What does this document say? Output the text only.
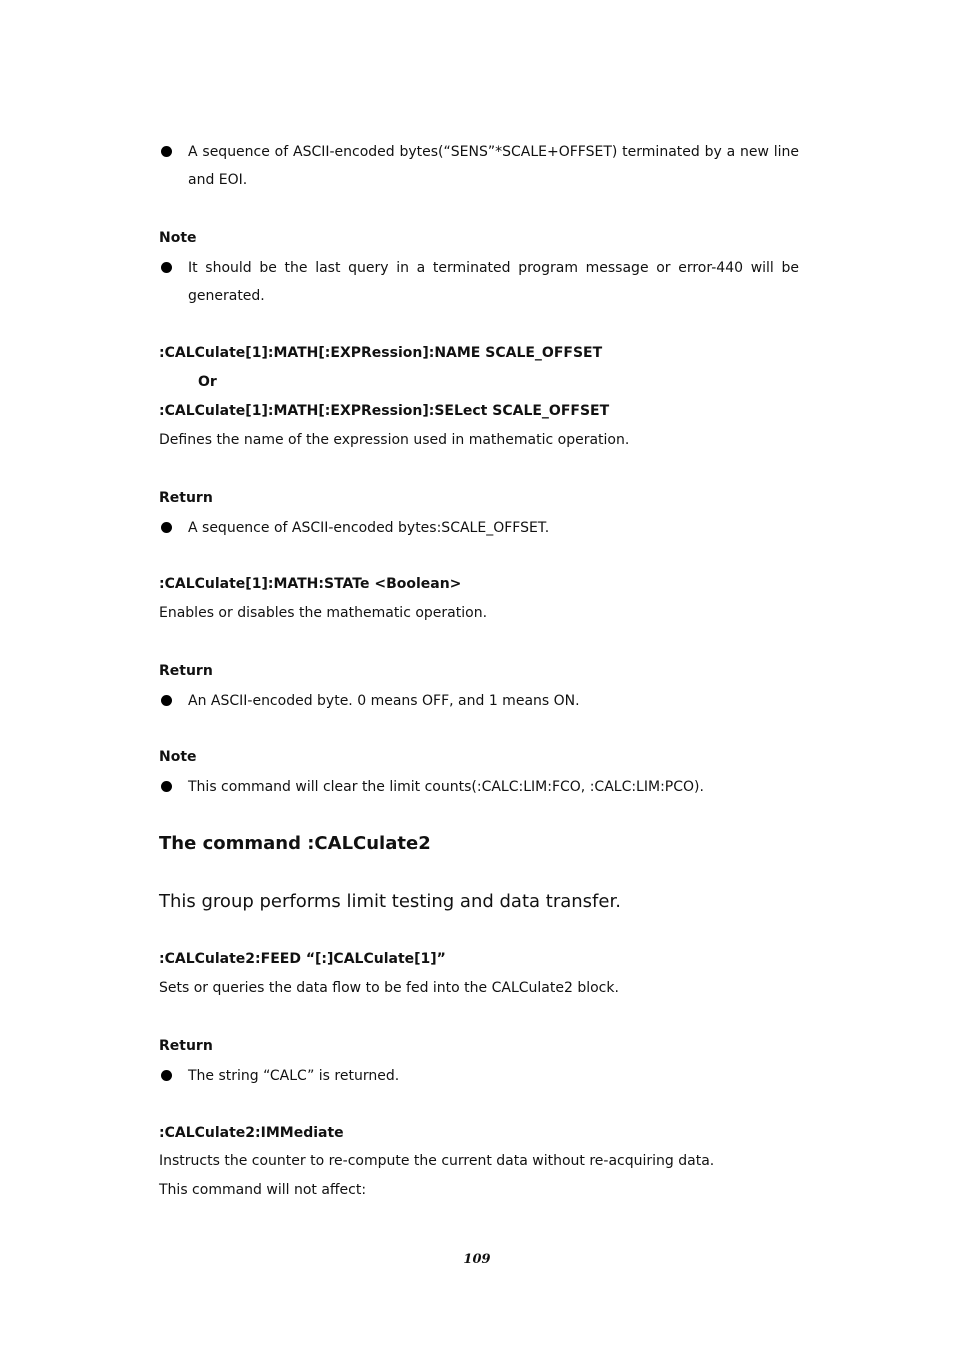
A sequence of ASCII-encoded bytes(“SENS”*SCALE+OFFSET) terminated by a new line and EOI.
Note
It should be the last query in a terminated program message or error-440 will be generated.
:CALCulate[1]:MATH[:EXPRession]:NAME SCALE_OFFSET
Or
:CALCulate[1]:MATH[:EXPRession]:SELect SCALE_OFFSET
Defines the name of the expression used in mathematic operation.
Return
A sequence of ASCII-encoded bytes:SCALE_OFFSET.
:CALCulate[1]:MATH:STATe <Boolean>
Enables or disables the mathematic operation.
Return
An ASCII-encoded byte. 0 means OFF, and 1 means ON.
Note
This command will clear the limit counts(:CALC:LIM:FCO, :CALC:LIM:PCO).
The command :CALCulate2
This group performs limit testing and data transfer.
:CALCulate2:FEED “[:]CALCulate[1]”
Sets or queries the data flow to be fed into the CALCulate2 block.
Return
The string “CALC” is returned.
:CALCulate2:IMMediate
Instructs the counter to re-compute the current data without re-acquiring data.
This command will not affect:
109
